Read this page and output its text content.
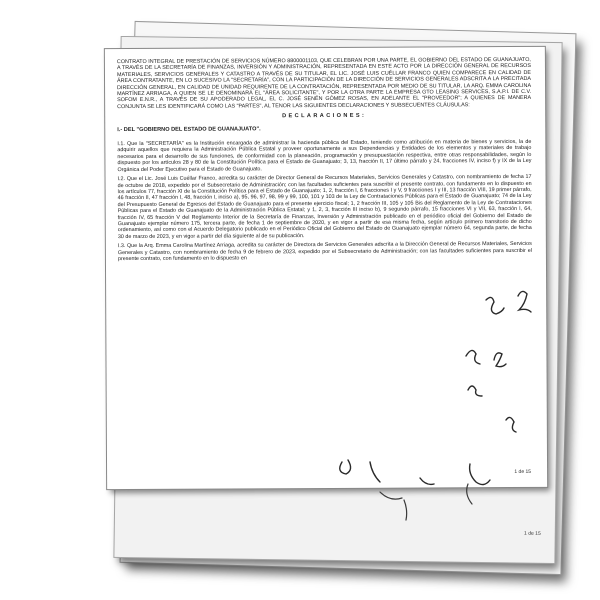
1 de 15

CONTRATO INTEGRAL DE PRESTACIÓN DE SERVICIOS NÚMERO 8800001103, QUE CELEBRAN POR UNA PARTE, EL GOBIERNO DEL ESTADO DE GUANAJUATO, A TRAVÉS DE LA SECRETARÍA DE FINANZAS, INVERSIÓN Y ADMINISTRACIÓN, REPRESENTADA EN ESTE ACTO POR LA DIRECCIÓN GENERAL DE RECURSOS MATERIALES, SERVICIOS GENERALES Y CATASTRO A TRAVÉS DE SU TITULAR, EL LIC. JOSÉ LUIS CUÉLLAR FRANCO QUIEN COMPARECE EN CALIDAD DE ÁREA CONTRATANTE, EN LO SUCESIVO LA "SECRETARÍA", CON LA PARTICIPACIÓN DE LA DIRECCIÓN DE SERVICIOS GENERALES ADSCRITA A LA PRECITADA DIRECCIÓN GENERAL, EN CALIDAD DE UNIDAD REQUIRENTE DE LA CONTRATACIÓN, REPRESENTADA POR MEDIO DE SU TITULAR, LA ARQ. EMMA CAROLINA MARTÍNEZ ARRIAGA, A QUIEN SE LE DENOMINARÁ EL "ÁREA SOLICITANTE", Y POR LA OTRA PARTE LA EMPRESA GTO LEASING SERVICES, S.A.P.I. DE C.V. SOFOM E.N.R., A TRAVÉS DE SU APODERADO LEGAL, EL C. JOSÉ SENÉN GÓMEZ ROSAS, EN ADELANTE EL "PROVEEDOR"; A QUIENES DE MANERA CONJUNTA SE LES IDENTIFICARÁ COMO LAS "PARTES", AL TENOR LAS SIGUIENTES DECLARACIONES Y SUBSECUENTES CLÁUSULAS:

DECLARACIONES:
I.- DEL "GOBIERNO DEL ESTADO DE GUANAJUATO".

I.1. Que la "SECRETARÍA" es la Institución encargada de administrar la hacienda pública del Estado, teniendo como atribución en materia de bienes y servicios, la de adquirir aquellos que requiera la Administración Pública Estatal y proveer oportunamente a sus Dependencias y Entidades de los elementos y materiales de trabajo necesarios para el desarrollo de sus funciones, de conformidad con la planeación, programación y presupuestación respectiva, entre otras responsabilidades, según lo dispuesto por los artículos 28 y 80 de la Constitución Política para el Estado de Guanajuato; 3, 13, fracción II, 17 último párrafo y 24, fracciones IV, inciso f) y IX de la Ley Orgánica del Poder Ejecutivo para el Estado de Guanajuato.

I.2. Que el Lic. José Luis Cuéllar Franco, acredita su carácter de Director General de Recursos Materiales, Servicios Generales y Catastro, con nombramiento de fecha 17 de octubre de 2018, expedido por el Subsecretario de Administración; con las facultades suficientes para suscribir el presente contrato, con fundamento en lo dispuesto en los artículos 77, fracción XI de la Constitución Política para el Estado de Guanajuato; 1, 2, fracción I, 6 fracciones I y V, 9 fracciones I y III, 13 fracción VIII, 19 primer párrafo, 46 fracción II, 47 fracción I, 48, fracción I, inciso a), 95, 96, 97, 98, 99 y 99, 100, 101 y 103 de la Ley de Contrataciones Públicas para el Estado de Guanajuato; 74 de la Ley del Presupuesto General de Egresos del Estado de Guanajuato para el presente ejercicio fiscal; 1, 2 fracción III, 105 y 105 Bis del Reglamento de la Ley de Contrataciones Públicas para el Estado de Guanajuato de la Administración Pública Estatal; y 1, 2, 3, fracción III inciso b), 9 segundo párrafo, 15 fracciones VI y VII, 63, fracción I, 64, fracción IV, 65 fracción V del Reglamento Interior de la Secretaría de Finanzas, Inversión y Administración publicado en el periódico oficial del Gobierno del Estado de Guanajuato ejemplar número 175, tercera parte, de fecha 1 de septiembre de 2020, y en vigor a partir de esa misma fecha, según artículo primero transitorio de dicho ordenamiento, así como con el Acuerdo Delegatorio publicado en el Periódico Oficial del Gobierno del Estado de Guanajuato ejemplar número 64, segunda parte, de fecha 30 de marzo de 2023, y en vigor a partir del día siguiente al de su publicación.

I.3. Que la Arq. Emma Carolina Martínez Arriaga, acredita su carácter de Directora de Servicios Generales adscrita a la Dirección General de Recursos Materiales, Servicios Generales y Catastro, con nombramiento de fecha 9 de febrero de 2023, expedido por el Subsecretario de Administración; con las facultades suficientes para suscribir el presente contrato, con fundamento en lo dispuesto en

1 de 15
